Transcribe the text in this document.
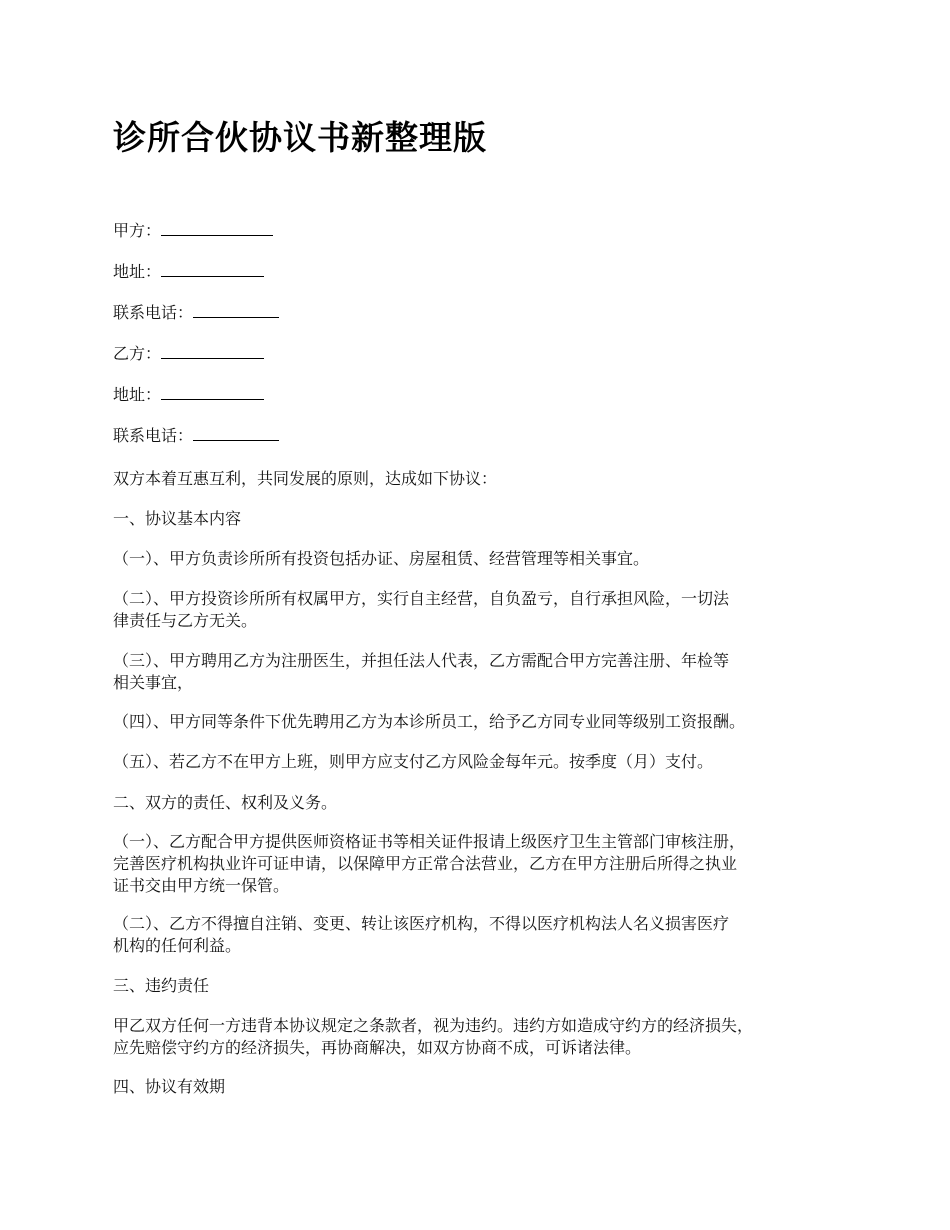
诊所合伙协议书新整理版
甲方：
地址：
联系电话：
乙方：
地址：
联系电话：
双方本着互惠互利，共同发展的原则，达成如下协议：
一、协议基本内容
（一）、甲方负责诊所所有投资包括办证、房屋租赁、经营管理等相关事宜。
（二）、甲方投资诊所所有权属甲方，实行自主经营，自负盈亏，自行承担风险，一切法
律责任与乙方无关。
（三）、甲方聘用乙方为注册医生，并担任法人代表，乙方需配合甲方完善注册、年检等
相关事宜，
（四）、甲方同等条件下优先聘用乙方为本诊所员工，给予乙方同专业同等级别工资报酬。
（五）、若乙方不在甲方上班，则甲方应支付乙方风险金每年元。按季度（月）支付。
二、双方的责任、权利及义务。
（一）、乙方配合甲方提供医师资格证书等相关证件报请上级医疗卫生主管部门审核注册，
完善医疗机构执业许可证申请，以保障甲方正常合法营业，乙方在甲方注册后所得之执业
证书交由甲方统一保管。
（二）、乙方不得擅自注销、变更、转让该医疗机构，不得以医疗机构法人名义损害医疗
机构的任何利益。
三、违约责任
甲乙双方任何一方违背本协议规定之条款者，视为违约。违约方如造成守约方的经济损失，
应先赔偿守约方的经济损失，再协商解决，如双方协商不成，可诉诸法律。
四、协议有效期
